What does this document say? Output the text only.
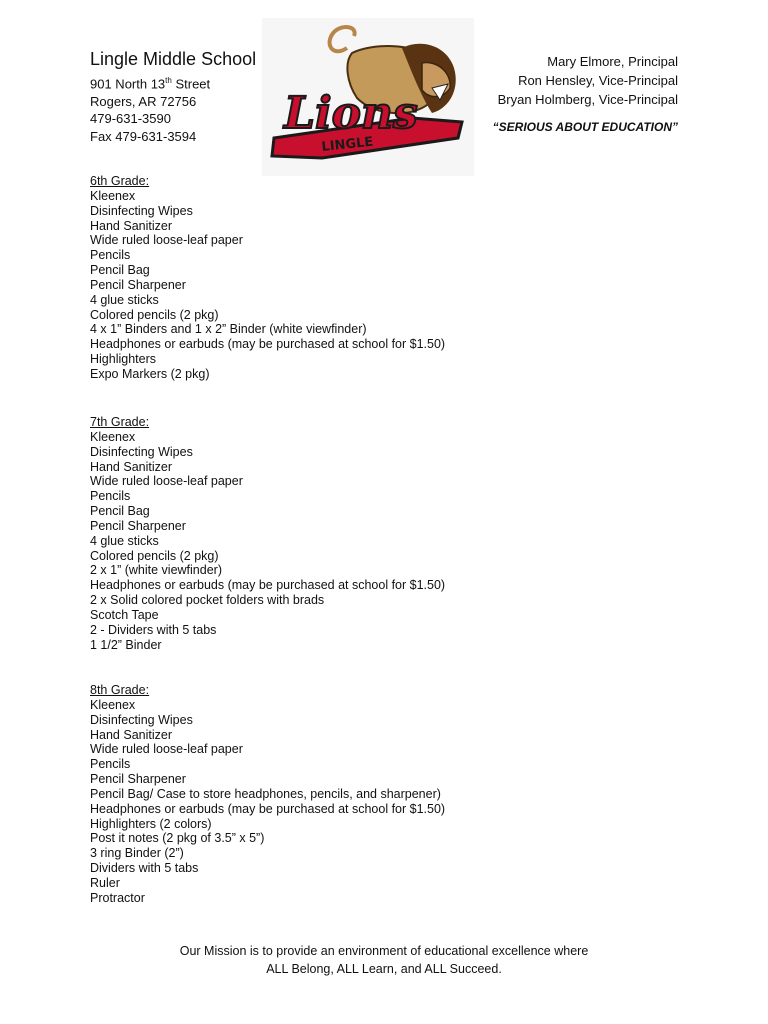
Lingle Middle School
901 North 13th Street
Rogers, AR 72756
479-631-3590
Fax 479-631-3594	Lions
LINGLE
Mary Elmore, Principal
Ron Hensley, Vice-Principal
Bryan Holmberg, Vice-Principal
“SERIOUS ABOUT EDUCATION”
6th Grade:
Kleenex
Disinfecting Wipes
Hand Sanitizer
Wide ruled loose-leaf paper
Pencils
Pencil Bag
Pencil Sharpener
4 glue sticks
Colored pencils (2 pkg)
4 x 1” Binders and 1 x 2” Binder (white viewfinder)
Headphones or earbuds (may be purchased at school for $1.50)
Highlighters
Expo Markers (2 pkg)
7th Grade:
Kleenex
Disinfecting Wipes
Hand Sanitizer
Wide ruled loose-leaf paper
Pencils
Pencil Bag
Pencil Sharpener
4 glue sticks
Colored pencils (2 pkg)
2 x 1” (white viewfinder)
Headphones or earbuds (may be purchased at school for $1.50)
2 x Solid colored pocket folders with brads
Scotch Tape
2 - Dividers with 5 tabs
1 1/2” Binder
8th Grade:
Kleenex
Disinfecting Wipes
Hand Sanitizer
Wide ruled loose-leaf paper
Pencils
Pencil Sharpener
Pencil Bag/ Case to store headphones, pencils, and sharpener)
Headphones or earbuds (may be purchased at school for $1.50)
Highlighters (2 colors)
Post it notes (2 pkg of 3.5” x 5”)
3 ring Binder (2”)
Dividers with 5 tabs
Ruler
Protractor
Our Mission is to provide an environment of educational excellence where
ALL Belong, ALL Learn, and ALL Succeed.
